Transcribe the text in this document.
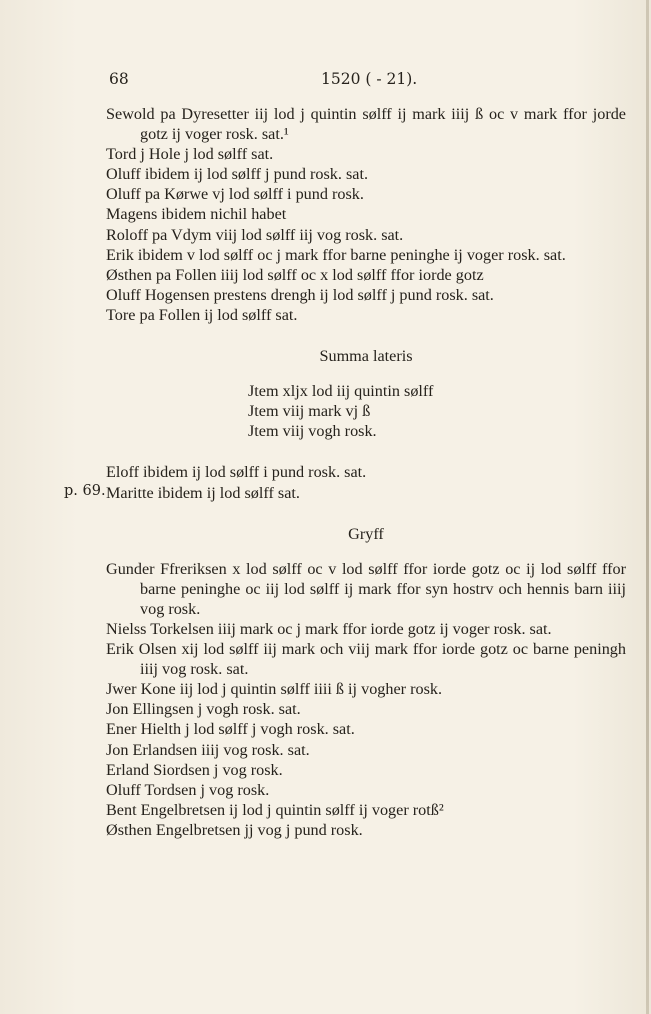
68	1520 ( - 21).
p. 69.

Sewold pa Dyresetter iij lod j quintin sølff ij mark iiij ß oc v mark ffor jorde gotz ij voger rosk. sat.¹

Tord j Hole j lod sølff sat.

Oluff ibidem ij lod sølff j pund rosk. sat.

Oluff pa Kørwe vj lod sølff i pund rosk.

Magens ibidem nichil habet

Roloff pa Vdym viij lod sølff iij vog rosk. sat.

Erik ibidem v lod sølff oc j mark ffor barne peninghe ij voger rosk. sat.

Østhen pa Follen iiij lod sølff oc x lod sølff ffor iorde gotz

Oluff Hogensen prestens drengh ij lod sølff j pund rosk. sat.

Tore pa Follen ij lod sølff sat.

Summa lateris

Jtem xljx lod iij quintin sølff

Jtem viij mark vj ß

Jtem viij vogh rosk.

Eloff ibidem ij lod sølff i pund rosk. sat.

Maritte ibidem ij lod sølff sat.

Gryff

Gunder Ffreriksen x lod sølff oc v lod sølff ffor iorde gotz oc ij lod sølff ffor barne peninghe oc iij lod sølff ij mark ffor syn hostrv och hennis barn iiij vog rosk.

Nielss Torkelsen iiij mark oc j mark ffor iorde gotz ij voger rosk. sat.

Erik Olsen xij lod sølff iij mark och viij mark ffor iorde gotz oc barne peningh iiij vog rosk. sat.

Jwer Kone iij lod j quintin sølff iiii ß ij vogher rosk.

Jon Ellingsen j vogh rosk. sat.

Ener Hielth j lod sølff j vogh rosk. sat.

Jon Erlandsen iiij vog rosk. sat.

Erland Siordsen j vog rosk.

Oluff Tordsen j vog rosk.

Bent Engelbretsen ij lod j quintin sølff ij voger rotß²

Østhen Engelbretsen jj vog j pund rosk.
